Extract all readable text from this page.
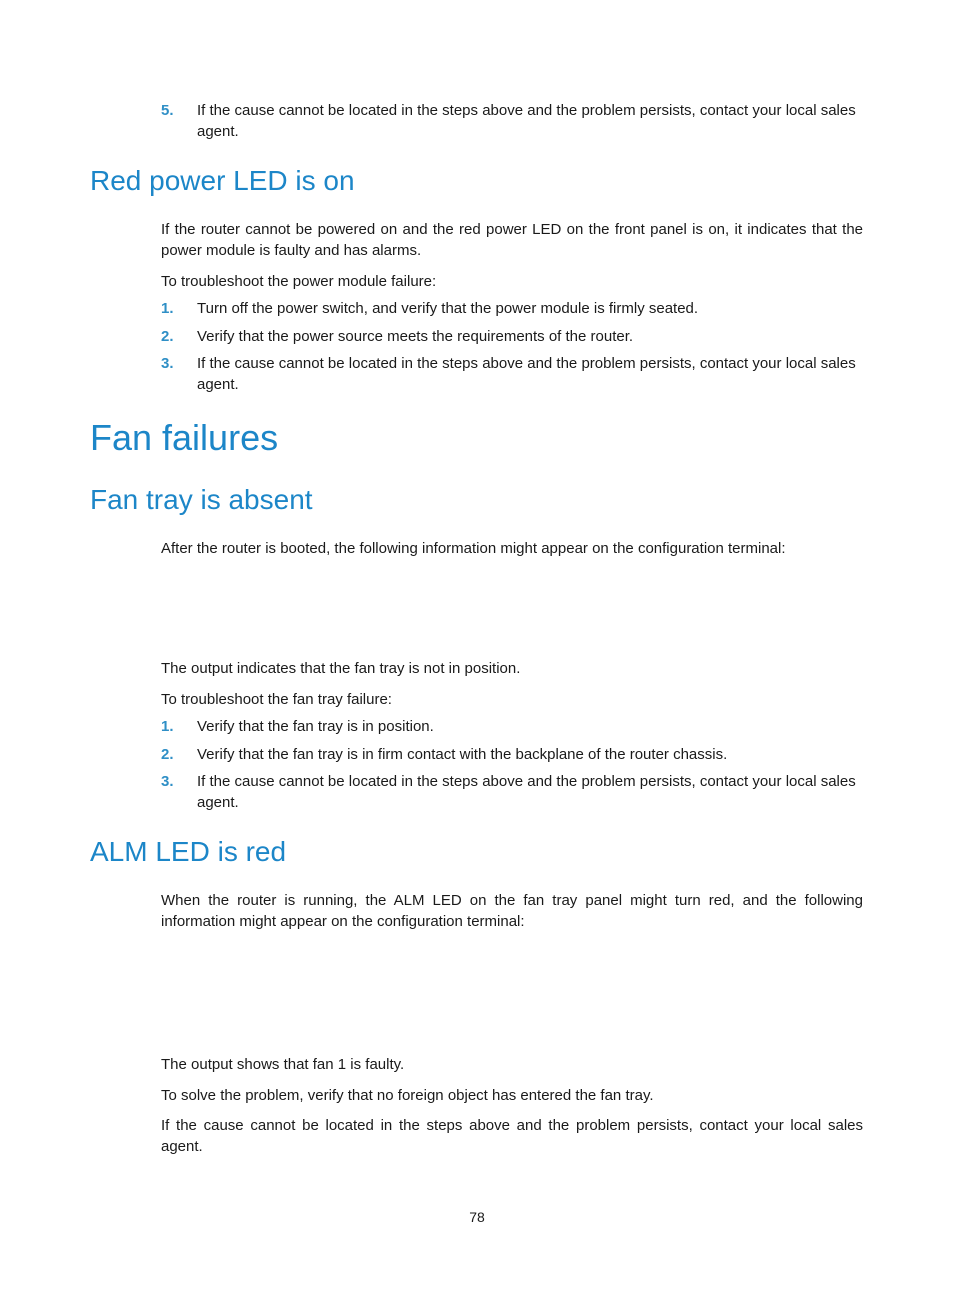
5. If the cause cannot be located in the steps above and the problem persists, contact your local sales agent.
Red power LED is on

If the router cannot be powered on and the red power LED on the front panel is on, it indicates that the power module is faulty and has alarms.

To troubleshoot the power module failure:

1. Turn off the power switch, and verify that the power module is firmly seated.
2. Verify that the power source meets the requirements of the router.
3. If the cause cannot be located in the steps above and the problem persists, contact your local sales agent.
Fan failures
Fan tray is absent

After the router is booted, the following information might appear on the configuration terminal:

The output indicates that the fan tray is not in position.

To troubleshoot the fan tray failure:

1. Verify that the fan tray is in position.
2. Verify that the fan tray is in firm contact with the backplane of the router chassis.
3. If the cause cannot be located in the steps above and the problem persists, contact your local sales agent.
ALM LED is red

When the router is running, the ALM LED on the fan tray panel might turn red, and the following information might appear on the configuration terminal:

The output shows that fan 1 is faulty.

To solve the problem, verify that no foreign object has entered the fan tray.

If the cause cannot be located in the steps above and the problem persists, contact your local sales agent.

78
